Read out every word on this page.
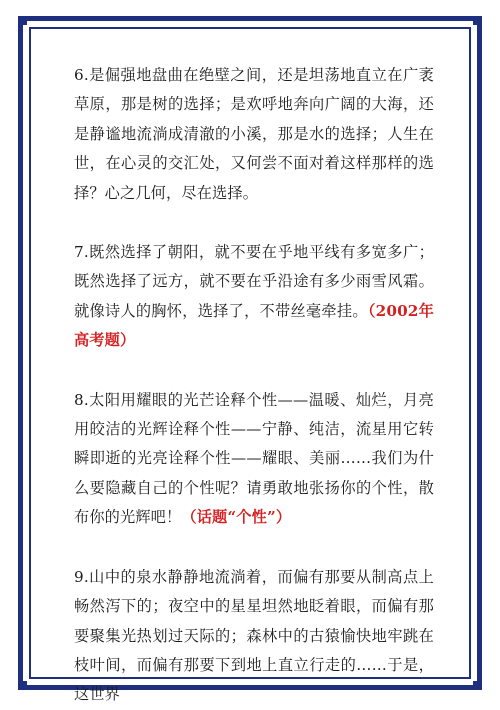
6.是倔强地盘曲在绝壁之间，还是坦荡地直立在广袤草原，那是树的选择；是欢呼地奔向广阔的大海，还是静谧地流淌成清澈的小溪，那是水的选择；人生在世，在心灵的交汇处，又何尝不面对着这样那样的选择？心之几何，尽在选择。

7.既然选择了朝阳，就不要在乎地平线有多宽多广；既然选择了远方，就不要在乎沿途有多少雨雪风霜。就像诗人的胸怀，选择了，不带丝毫牵挂。（2002年高考题）

8.太阳用耀眼的光芒诠释个性——温暖、灿烂，月亮用皎洁的光辉诠释个性——宁静、纯洁，流星用它转瞬即逝的光亮诠释个性——耀眼、美丽……我们为什么要隐藏自己的个性呢？请勇敢地张扬你的个性，散布你的光辉吧！（话题“个性”）

9.山中的泉水静静地流淌着，而偏有那要从制高点上畅然泻下的；夜空中的星星坦然地眨着眼，而偏有那要聚集光热划过天际的；森林中的古猿愉快地牢跳在枝叶间，而偏有那要下到地上直立行走的……于是，这世界
